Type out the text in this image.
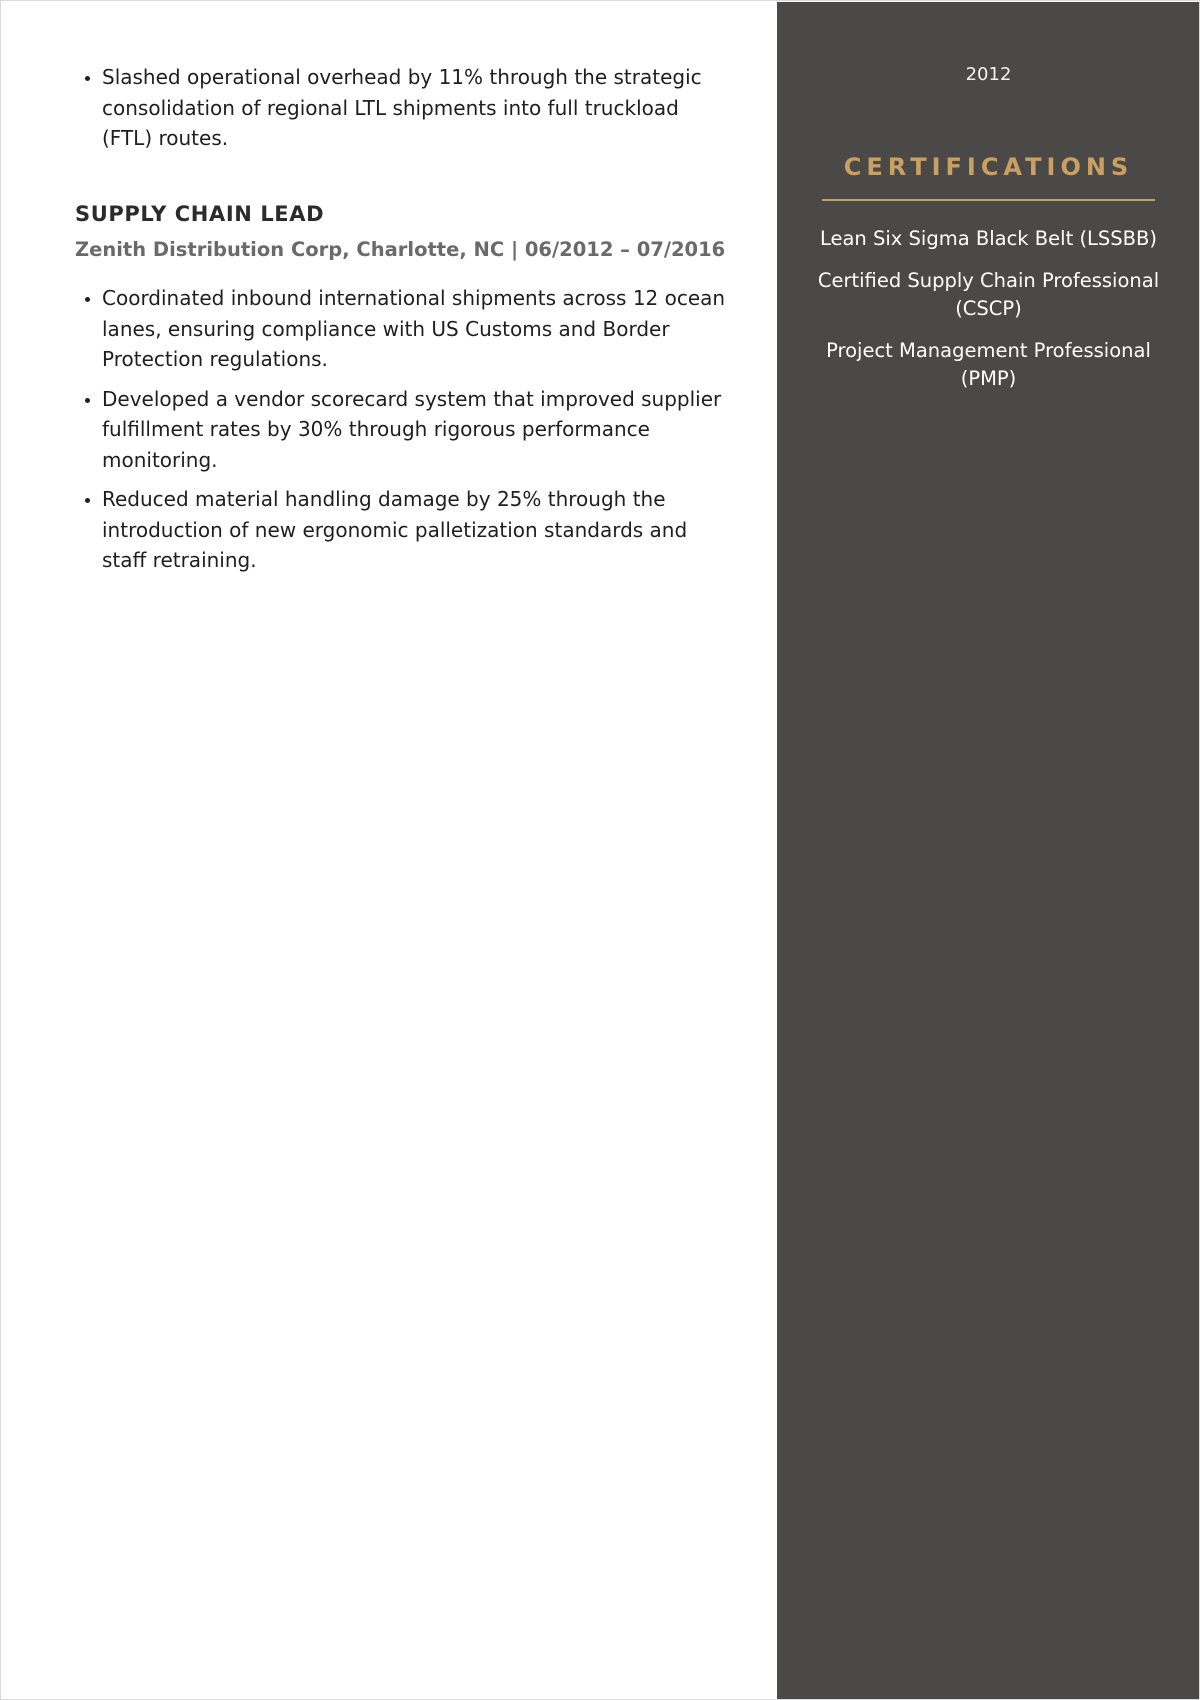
• Slashed operational overhead by 11% through the strategic consolidation of regional LTL shipments into full truckload (FTL) routes.
SUPPLY CHAIN LEAD

Zenith Distribution Corp, Charlotte, NC | 06/2012 – 07/2016

• Coordinated inbound international shipments across 12 ocean lanes, ensuring compliance with US Customs and Border Protection regulations.
• Developed a vendor scorecard system that improved supplier fulfillment rates by 30% through rigorous performance monitoring.
• Reduced material handling damage by 25% through the introduction of new ergonomic palletization standards and staff retraining.
2012
CERTIFICATIONS
Lean Six Sigma Black Belt (LSSBB)
Certified Supply Chain Professional (CSCP)
Project Management Professional (PMP)
